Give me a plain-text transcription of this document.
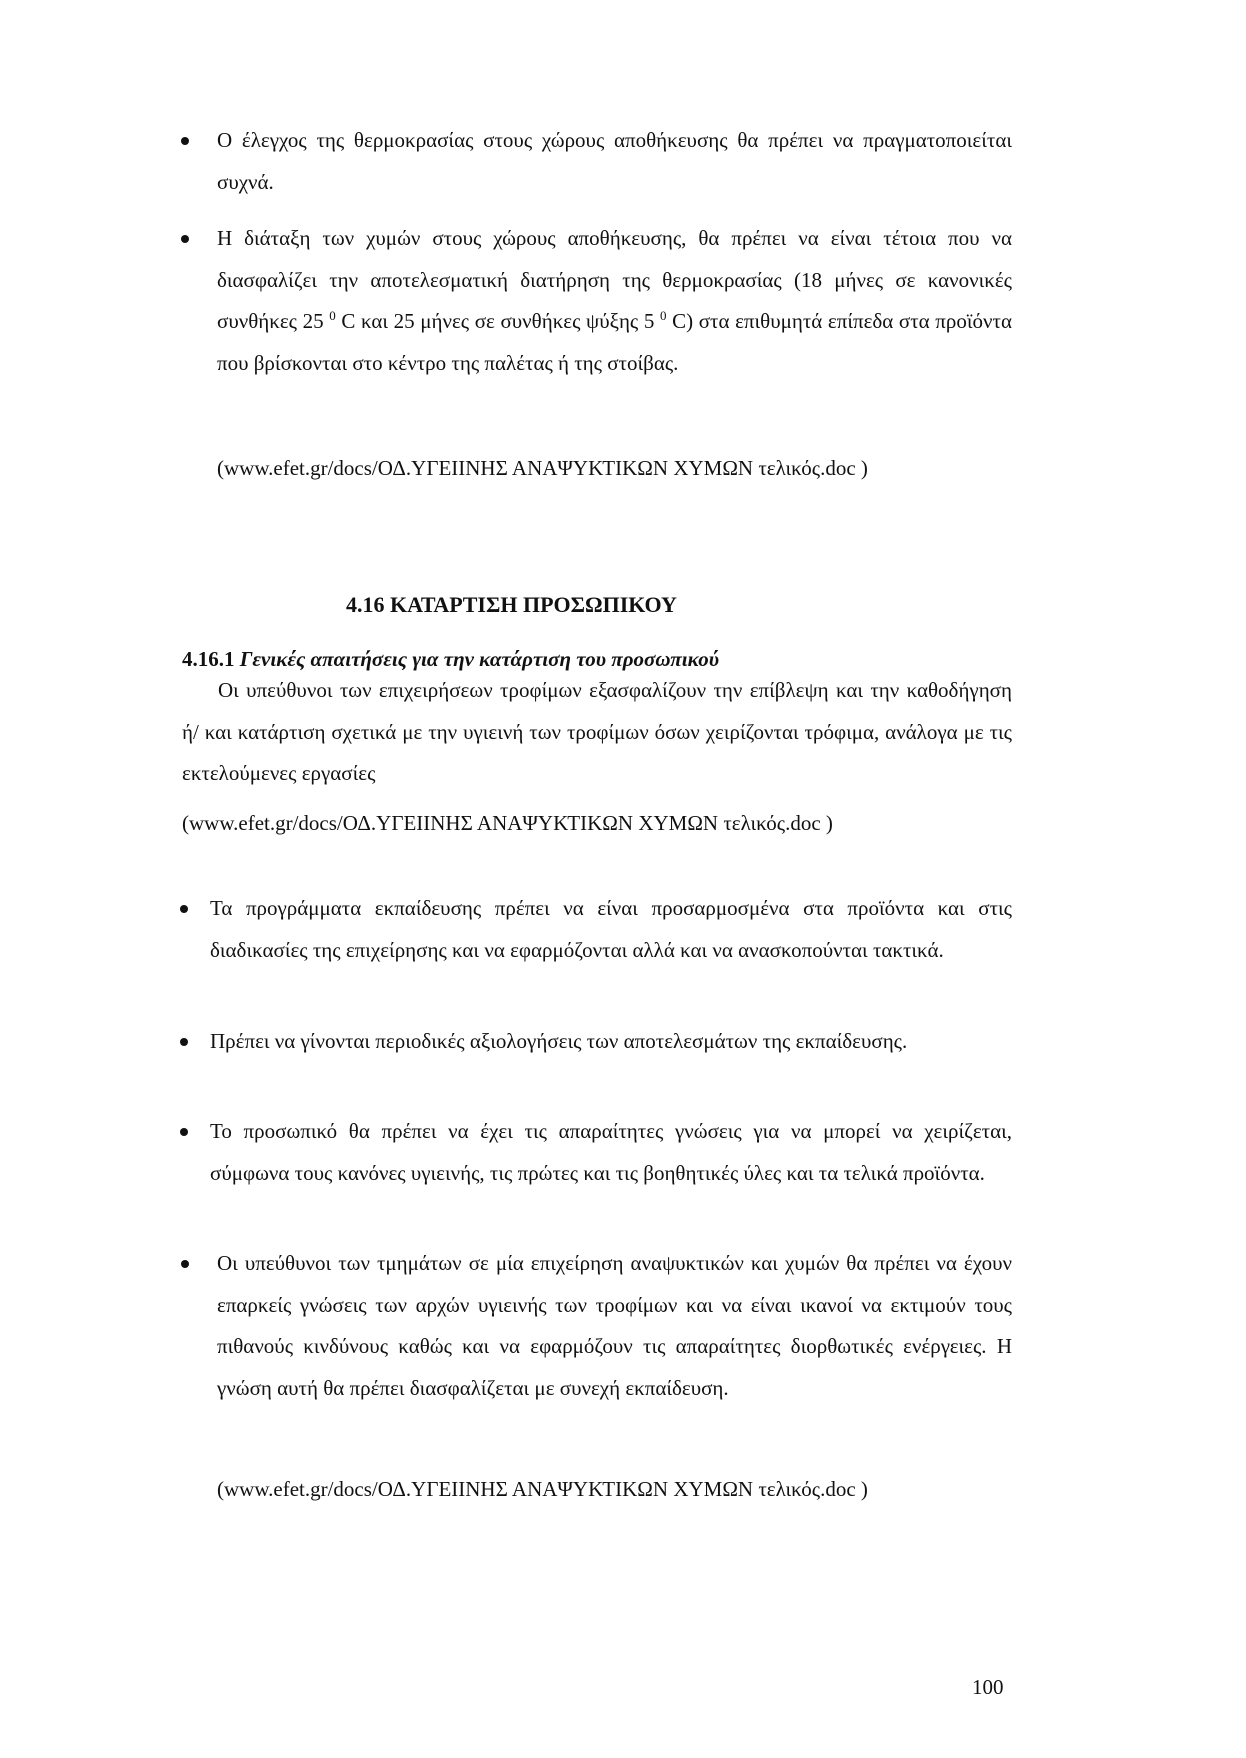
Ο έλεγχος της θερμοκρασίας στους χώρους αποθήκευσης θα πρέπει να πραγματοποιείται συχνά.
Η διάταξη των χυμών στους χώρους αποθήκευσης, θα πρέπει να είναι τέτοια που να διασφαλίζει την αποτελεσματική διατήρηση της θερμοκρασίας (18 μήνες σε κανονικές συνθήκες 25 $^0$ C και 25 μήνες σε συνθήκες ψύξης 5 $^0$ C) στα επιθυμητά επίπεδα στα προϊόντα που βρίσκονται στο κέντρο της παλέτας ή της στοίβας.
(www.efet.gr/docs/ΟΔ.ΥΓΕΙΙΝΗΣ ΑΝΑΨΥΚΤΙΚΩΝ ΧΥΜΩΝ τελικός.doc )
4.16 ΚΑΤΑΡΤΙΣΗ ΠΡΟΣΩΠΙΚΟΥ
4.16.1 Γενικές απαιτήσεις για την κατάρτιση του προσωπικού
Οι υπεύθυνοι των επιχειρήσεων τροφίμων εξασφαλίζουν την επίβλεψη και την καθοδήγηση ή/ και κατάρτιση σχετικά με την υγιεινή των τροφίμων όσων χειρίζονται τρόφιμα, ανάλογα με τις εκτελούμενες εργασίες
(www.efet.gr/docs/ΟΔ.ΥΓΕΙΙΝΗΣ ΑΝΑΨΥΚΤΙΚΩΝ ΧΥΜΩΝ τελικός.doc )
Τα προγράμματα εκπαίδευσης πρέπει να είναι προσαρμοσμένα στα προϊόντα και στις διαδικασίες της επιχείρησης και να εφαρμόζονται αλλά και να ανασκοπούνται τακτικά.
Πρέπει να γίνονται περιοδικές αξιολογήσεις των αποτελεσμάτων της εκπαίδευσης.
Το προσωπικό θα πρέπει να έχει τις απαραίτητες γνώσεις για να μπορεί να χειρίζεται, σύμφωνα τους κανόνες υγιεινής, τις πρώτες και τις βοηθητικές ύλες και τα τελικά προϊόντα.
Οι υπεύθυνοι των τμημάτων σε μία επιχείρηση αναψυκτικών και χυμών θα πρέπει να έχουν επαρκείς γνώσεις των αρχών υγιεινής των τροφίμων και να είναι ικανοί να εκτιμούν τους πιθανούς κινδύνους καθώς και να εφαρμόζουν τις απαραίτητες διορθωτικές ενέργειες. Η γνώση αυτή θα πρέπει διασφαλίζεται με συνεχή εκπαίδευση.
(www.efet.gr/docs/ΟΔ.ΥΓΕΙΙΝΗΣ ΑΝΑΨΥΚΤΙΚΩΝ ΧΥΜΩΝ τελικός.doc )
100
